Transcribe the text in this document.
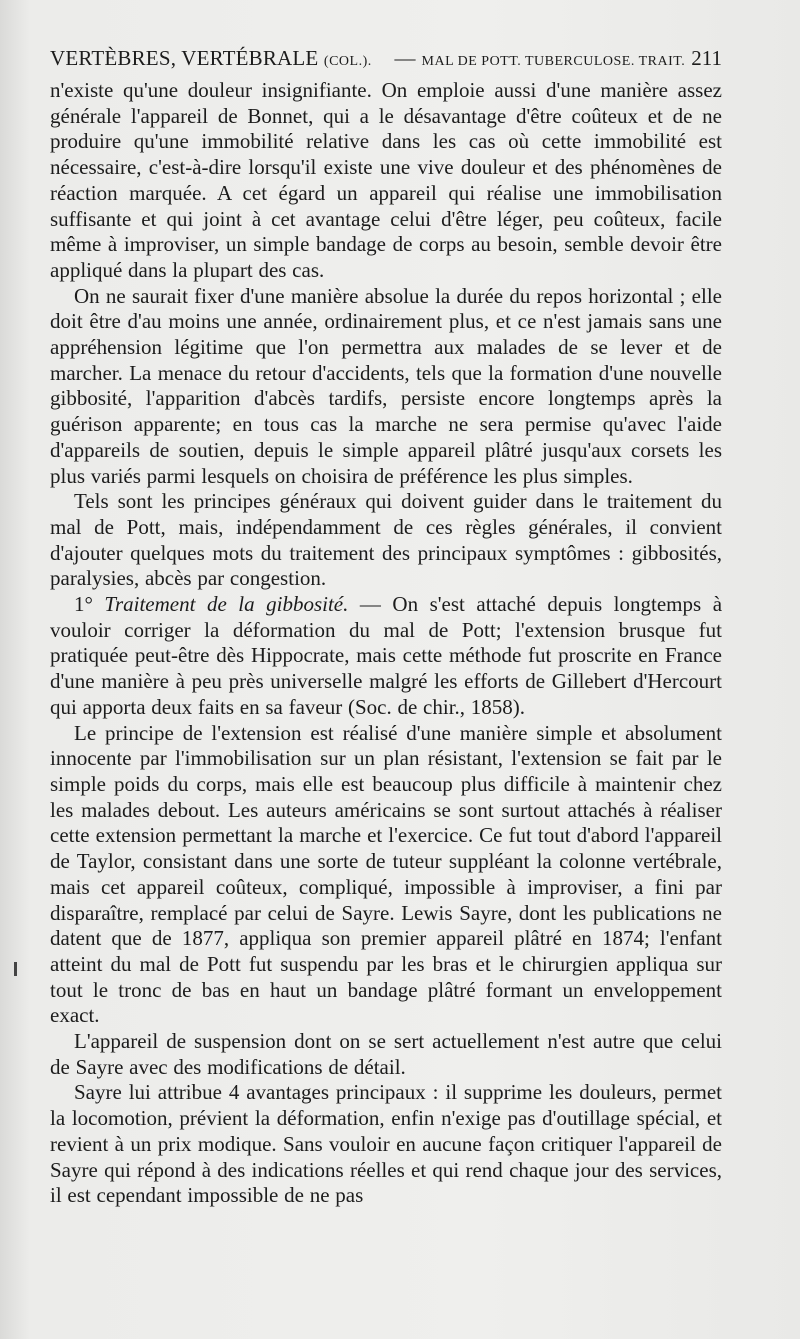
VERTÈBRES, VERTÉBRALE (COL.). — MAL DE POTT. TUBERCULOSE. TRAIT. 211

n'existe qu'une douleur insignifiante. On emploie aussi d'une manière assez générale l'appareil de Bonnet, qui a le désavantage d'être coûteux et de ne produire qu'une immobilité relative dans les cas où cette immobilité est nécessaire, c'est-à-dire lorsqu'il existe une vive douleur et des phénomènes de réaction marquée. A cet égard un appareil qui réalise une immobilisation suffisante et qui joint à cet avantage celui d'être léger, peu coûteux, facile même à improviser, un simple bandage de corps au besoin, semble devoir être appliqué dans la plupart des cas.

On ne saurait fixer d'une manière absolue la durée du repos horizontal ; elle doit être d'au moins une année, ordinairement plus, et ce n'est jamais sans une appréhension légitime que l'on permettra aux malades de se lever et de marcher. La menace du retour d'accidents, tels que la formation d'une nouvelle gibbosité, l'apparition d'abcès tardifs, persiste encore longtemps après la guérison apparente; en tous cas la marche ne sera permise qu'avec l'aide d'appareils de soutien, depuis le simple appareil plâtré jusqu'aux corsets les plus variés parmi lesquels on choisira de préférence les plus simples.

Tels sont les principes généraux qui doivent guider dans le traitement du mal de Pott, mais, indépendamment de ces règles générales, il convient d'ajouter quelques mots du traitement des principaux symptômes : gibbosités, paralysies, abcès par congestion.

1° Traitement de la gibbosité. — On s'est attaché depuis longtemps à vouloir corriger la déformation du mal de Pott; l'extension brusque fut pratiquée peut-être dès Hippocrate, mais cette méthode fut proscrite en France d'une manière à peu près universelle malgré les efforts de Gillebert d'Hercourt qui apporta deux faits en sa faveur (Soc. de chir., 1858).

Le principe de l'extension est réalisé d'une manière simple et absolument innocente par l'immobilisation sur un plan résistant, l'extension se fait par le simple poids du corps, mais elle est beaucoup plus difficile à maintenir chez les malades debout. Les auteurs américains se sont surtout attachés à réaliser cette extension permettant la marche et l'exercice. Ce fut tout d'abord l'appareil de Taylor, consistant dans une sorte de tuteur suppléant la colonne vertébrale, mais cet appareil coûteux, compliqué, impossible à improviser, a fini par disparaître, remplacé par celui de Sayre. Lewis Sayre, dont les publications ne datent que de 1877, appliqua son premier appareil plâtré en 1874; l'enfant atteint du mal de Pott fut suspendu par les bras et le chirurgien appliqua sur tout le tronc de bas en haut un bandage plâtré formant un enveloppement exact.

L'appareil de suspension dont on se sert actuellement n'est autre que celui de Sayre avec des modifications de détail.

Sayre lui attribue 4 avantages principaux : il supprime les douleurs, permet la locomotion, prévient la déformation, enfin n'exige pas d'outillage spécial, et revient à un prix modique. Sans vouloir en aucune façon critiquer l'appareil de Sayre qui répond à des indications réelles et qui rend chaque jour des services, il est cependant impossible de ne pas
